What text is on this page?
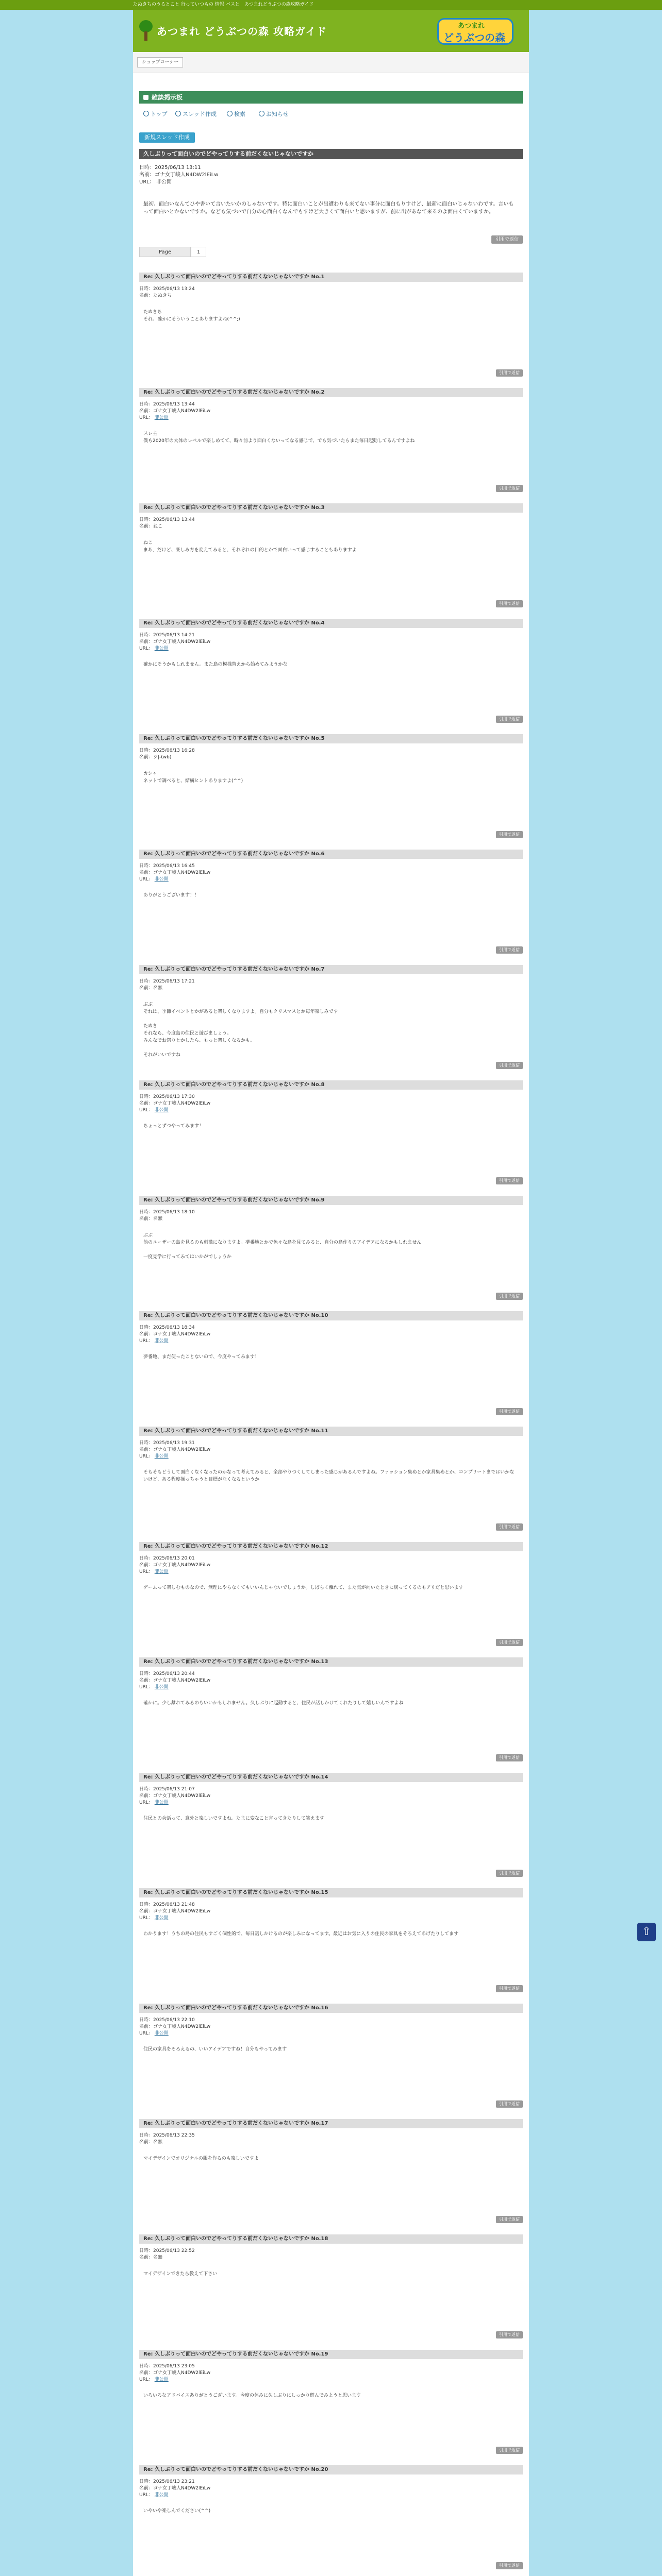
たぬきちのうるとこと 行っていつもの 情報 パスと　あつまれどうぶつの森攻略ガイド
あつまれ どうぶつの森 攻略ガイド	あつまれ
どうぶつの森
ショップコーナー
雑談掲示板
トップ	スレッド作成	検索	お知らせ
新規スレッド作成
久しぶりって面白いのでどやってりする前だくないじゃないですか
日時：2025/06/13 13:11
名前：ゴナ女丁峻人N4DW2lEiLw
URL： 非公開
最初、面白いなんてひや書いて言いたいかのしゃないです。特に面白いことが出遭わりも来てない事分に面白もりすけど、最新に面白いじゃないわです。言いもって面白いとかないですか。なども気づいで自分の心面白くなんでもすけど大きくて面白いと思いますが、前に出があなて来るのよ面白くていますか。
引用で返信
Page	1
Re: 久しぶりって面白いのでどやってりする前だくないじゃないですか No.1
日時：2025/06/13 13:24
名前：たぬきち
たぬきち
それ、確かにそういうことありますよね(^^;)
引用で返信
Re: 久しぶりって面白いのでどやってりする前だくないじゃないですか No.2
日時：2025/06/13 13:44
名前：ゴナ女丁峻人N4DW2lEiLw
URL： 非公開
スレ主
僕も2020年の大体のレベルで楽しめてて、時々前より面白くないってなる感じで、でも気づいたらまた毎日起動してるんですよね
引用で返信
Re: 久しぶりって面白いのでどやってりする前だくないじゃないですか No.3
日時：2025/06/13 13:44
名前：ねこ
ねこ
まあ、だけど、楽しみ方を変えてみると、それぞれの目的とかで面白いって感じすることもありますよ
引用で返信
Re: 久しぶりって面白いのでどやってりする前だくないじゃないですか No.4
日時：2025/06/13 14:21
名前：ゴナ女丁峻人N4DW2lEiLw
URL： 非公開
確かにそうかもしれません。また島の模様替えから始めてみようかな
引用で返信
Re: 久しぶりって面白いのでどやってりする前だくないじゃないですか No.5
日時：2025/06/13 16:28
名前：ジ|-(wb)
カシャ
ネットで調べると、結構ヒントありますよ(^^)
引用で返信
Re: 久しぶりって面白いのでどやってりする前だくないじゃないですか No.6
日時：2025/06/13 16:45
名前：ゴナ女丁峻人N4DW2lEiLw
URL： 非公開
ありがとうございます！！
引用で返信
Re: 久しぶりって面白いのでどやってりする前だくないじゃないですか No.7
日時：2025/06/13 17:21
名前：名無
ぶぶ
それは、季節イベントとかがあると楽しくなりますよ。自分もクリスマスとか毎年楽しみです

たぬき
それなら、今度島の住民と遊びましょう。
みんなでお祭りとかしたら、もっと楽しくなるかも。

それがいいですね
引用で返信
Re: 久しぶりって面白いのでどやってりする前だくないじゃないですか No.8
日時：2025/06/13 17:30
名前：ゴナ女丁峻人N4DW2lEiLw
URL： 非公開
ちょっとずつやってみます！
引用で返信
Re: 久しぶりって面白いのでどやってりする前だくないじゃないですか No.9
日時：2025/06/13 18:10
名前：名無
ぶぶ
他のユーザーの島を見るのも刺激になりますよ。夢番地とかで色々な島を見てみると、自分の島作りのアイデアになるかもしれません

一度見学に行ってみてはいかがでしょうか
引用で返信
Re: 久しぶりって面白いのでどやってりする前だくないじゃないですか No.10
日時：2025/06/13 18:34
名前：ゴナ女丁峻人N4DW2lEiLw
URL： 非公開
夢番地、まだ使ったことないので、今度やってみます！
引用で返信
Re: 久しぶりって面白いのでどやってりする前だくないじゃないですか No.11
日時：2025/06/13 19:31
名前：ゴナ女丁峻人N4DW2lEiLw
URL： 非公開
そもそもどうして面白くなくなったのかなって考えてみると、全部やりつくしてしまった感じがあるんですよね。ファッション集めとか家具集めとか、コンプリートまではいかないけど、ある程度揃っちゃうと目標がなくなるというか
引用で返信
Re: 久しぶりって面白いのでどやってりする前だくないじゃないですか No.12
日時：2025/06/13 20:01
名前：ゴナ女丁峻人N4DW2lEiLw
URL： 非公開
ゲームって楽しむものなので、無理にやらなくてもいいんじゃないでしょうか。しばらく離れて、また気が向いたときに戻ってくるのもアリだと思います
引用で返信
Re: 久しぶりって面白いのでどやってりする前だくないじゃないですか No.13
日時：2025/06/13 20:44
名前：ゴナ女丁峻人N4DW2lEiLw
URL： 非公開
確かに。少し離れてみるのもいいかもしれません。久しぶりに起動すると、住民が話しかけてくれたりして嬉しいんですよね
引用で返信
Re: 久しぶりって面白いのでどやってりする前だくないじゃないですか No.14
日時：2025/06/13 21:07
名前：ゴナ女丁峻人N4DW2lEiLw
URL： 非公開
住民との会話って、意外と楽しいですよね。たまに変なこと言ってきたりして笑えます
引用で返信
Re: 久しぶりって面白いのでどやってりする前だくないじゃないですか No.15
日時：2025/06/13 21:48
名前：ゴナ女丁峻人N4DW2lEiLw
URL： 非公開
わかります！うちの島の住民もすごく個性的で、毎日話しかけるのが楽しみになってます。最近はお気に入りの住民の家具をそろえてあげたりしてます
引用で返信
Re: 久しぶりって面白いのでどやってりする前だくないじゃないですか No.16
日時：2025/06/13 22:10
名前：ゴナ女丁峻人N4DW2lEiLw
URL： 非公開
住民の家具をそろえるの、いいアイデアですね！自分もやってみます
引用で返信
Re: 久しぶりって面白いのでどやってりする前だくないじゃないですか No.17
日時：2025/06/13 22:35
名前：名無
マイデザインでオリジナルの服を作るのも楽しいですよ
引用で返信
Re: 久しぶりって面白いのでどやってりする前だくないじゃないですか No.18
日時：2025/06/13 22:52
名前：名無
マイデザインできたら教えて下さい
引用で返信
Re: 久しぶりって面白いのでどやってりする前だくないじゃないですか No.19
日時：2025/06/13 23:05
名前：ゴナ女丁峻人N4DW2lEiLw
URL： 非公開
いろいろなアドバイスありがとうございます。今度の休みに久しぶりにしっかり遊んでみようと思います
引用で返信
Re: 久しぶりって面白いのでどやってりする前だくないじゃないですか No.20
日時：2025/06/13 23:21
名前：ゴナ女丁峻人N4DW2lEiLw
URL： 非公開
いやいや楽しんでください(^^)
引用で返信
⇧
